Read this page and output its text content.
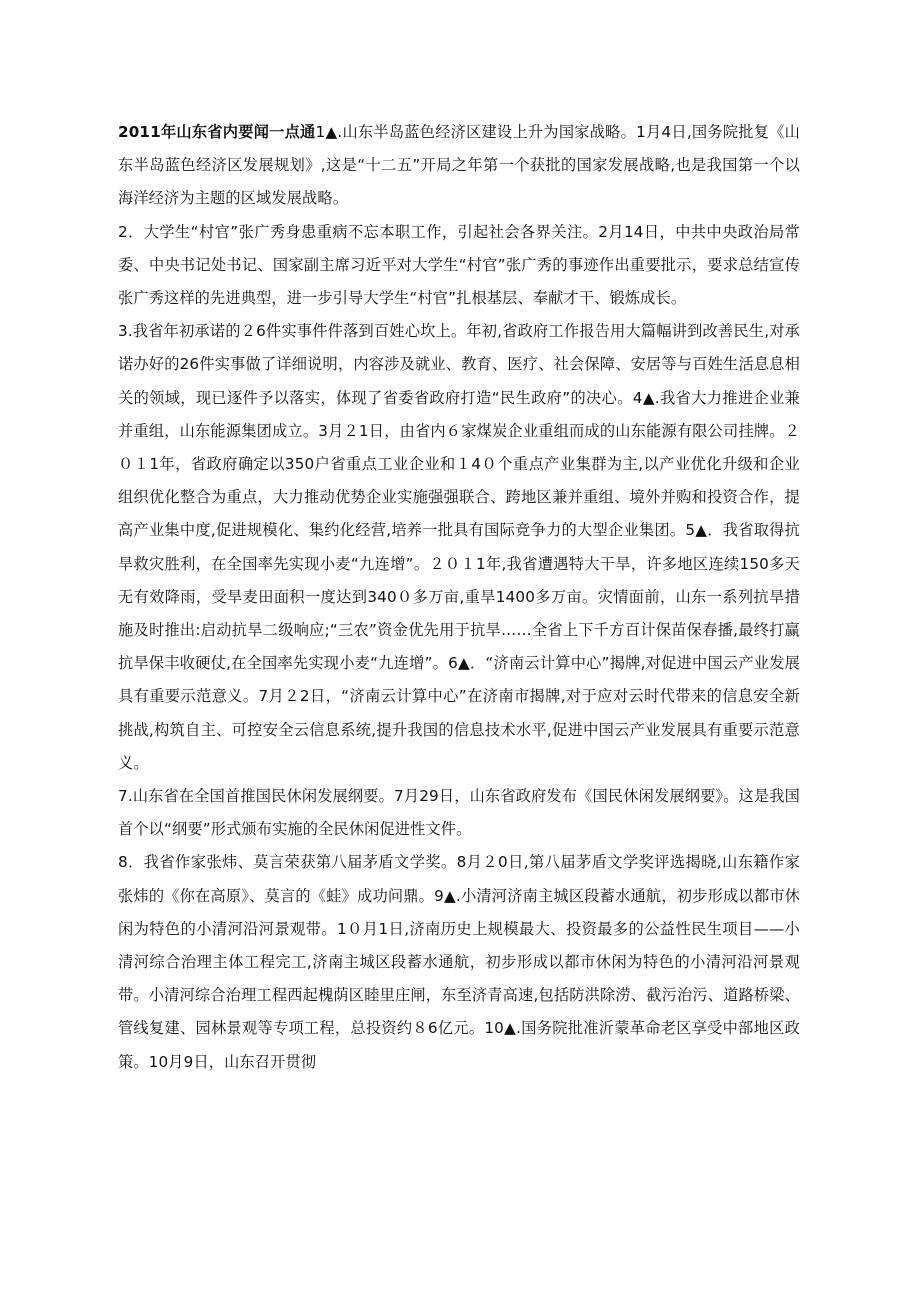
2011年山东省内要闻一点通1▲.山东半岛蓝色经济区建设上升为国家战略。1月4日,国务院批复《山东半岛蓝色经济区发展规划》,这是“十二五”开局之年第一个获批的国家发展战略,也是我国第一个以海洋经济为主题的区域发展战略。

2．大学生“村官”张广秀身患重病不忘本职工作，引起社会各界关注。2月14日，中共中央政治局常委、中央书记处书记、国家副主席习近平对大学生“村官”张广秀的事迹作出重要批示，要求总结宣传张广秀这样的先进典型，进一步引导大学生“村官”扎根基层、奉献才干、锻炼成长。

3.我省年初承诺的２6件实事件件落到百姓心坎上。年初,省政府工作报告用大篇幅讲到改善民生,对承诺办好的26件实事做了详细说明，内容涉及就业、教育、医疗、社会保障、安居等与百姓生活息息相关的领域，现已逐件予以落实，体现了省委省政府打造“民生政府”的决心。4▲.我省大力推进企业兼并重组，山东能源集团成立。3月２1日，由省内６家煤炭企业重组而成的山东能源有限公司挂牌。２０１1年，省政府确定以350户省重点工业企业和１4０个重点产业集群为主,以产业优化升级和企业组织优化整合为重点，大力推动优势企业实施强强联合、跨地区兼并重组、境外并购和投资合作，提高产业集中度,促进规模化、集约化经营,培养一批具有国际竞争力的大型企业集团。5▲．我省取得抗旱救灾胜利，在全国率先实现小麦“九连增”。２０１1年,我省遭遇特大干旱，许多地区连续150多天无有效降雨，受旱麦田面积一度达到340０多万亩,重旱1400多万亩。灾情面前，山东一系列抗旱措施及时推出:启动抗旱二级响应;“三农”资金优先用于抗旱……全省上下千方百计保苗保春播,最终打赢抗旱保丰收硬仗,在全国率先实现小麦“九连增”。6▲．“济南云计算中心”揭牌,对促进中国云产业发展具有重要示范意义。7月２2日，“济南云计算中心”在济南市揭牌,对于应对云时代带来的信息安全新挑战,构筑自主、可控安全云信息系统,提升我国的信息技术水平,促进中国云产业发展具有重要示范意义。

7.山东省在全国首推国民休闲发展纲要。7月29日，山东省政府发布《国民休闲发展纲要》。这是我国首个以“纲要”形式颁布实施的全民休闲促进性文件。

8．我省作家张炜、莫言荣获第八届茅盾文学奖。8月２0日,第八届茅盾文学奖评选揭晓,山东籍作家张炜的《你在高原》、莫言的《蛙》成功问鼎。9▲.小清河济南主城区段蓄水通航，初步形成以都市休闲为特色的小清河沿河景观带。1０月1日,济南历史上规模最大、投资最多的公益性民生项目——小清河综合治理主体工程完工,济南主城区段蓄水通航，初步形成以都市休闲为特色的小清河沿河景观带。小清河综合治理工程西起槐荫区睦里庄闸，东至济青高速,包括防洪除涝、截污治污、道路桥梁、管线复建、园林景观等专项工程，总投资约８6亿元。10▲.国务院批准沂蒙革命老区享受中部地区政策。10月9日，山东召开贯彻
